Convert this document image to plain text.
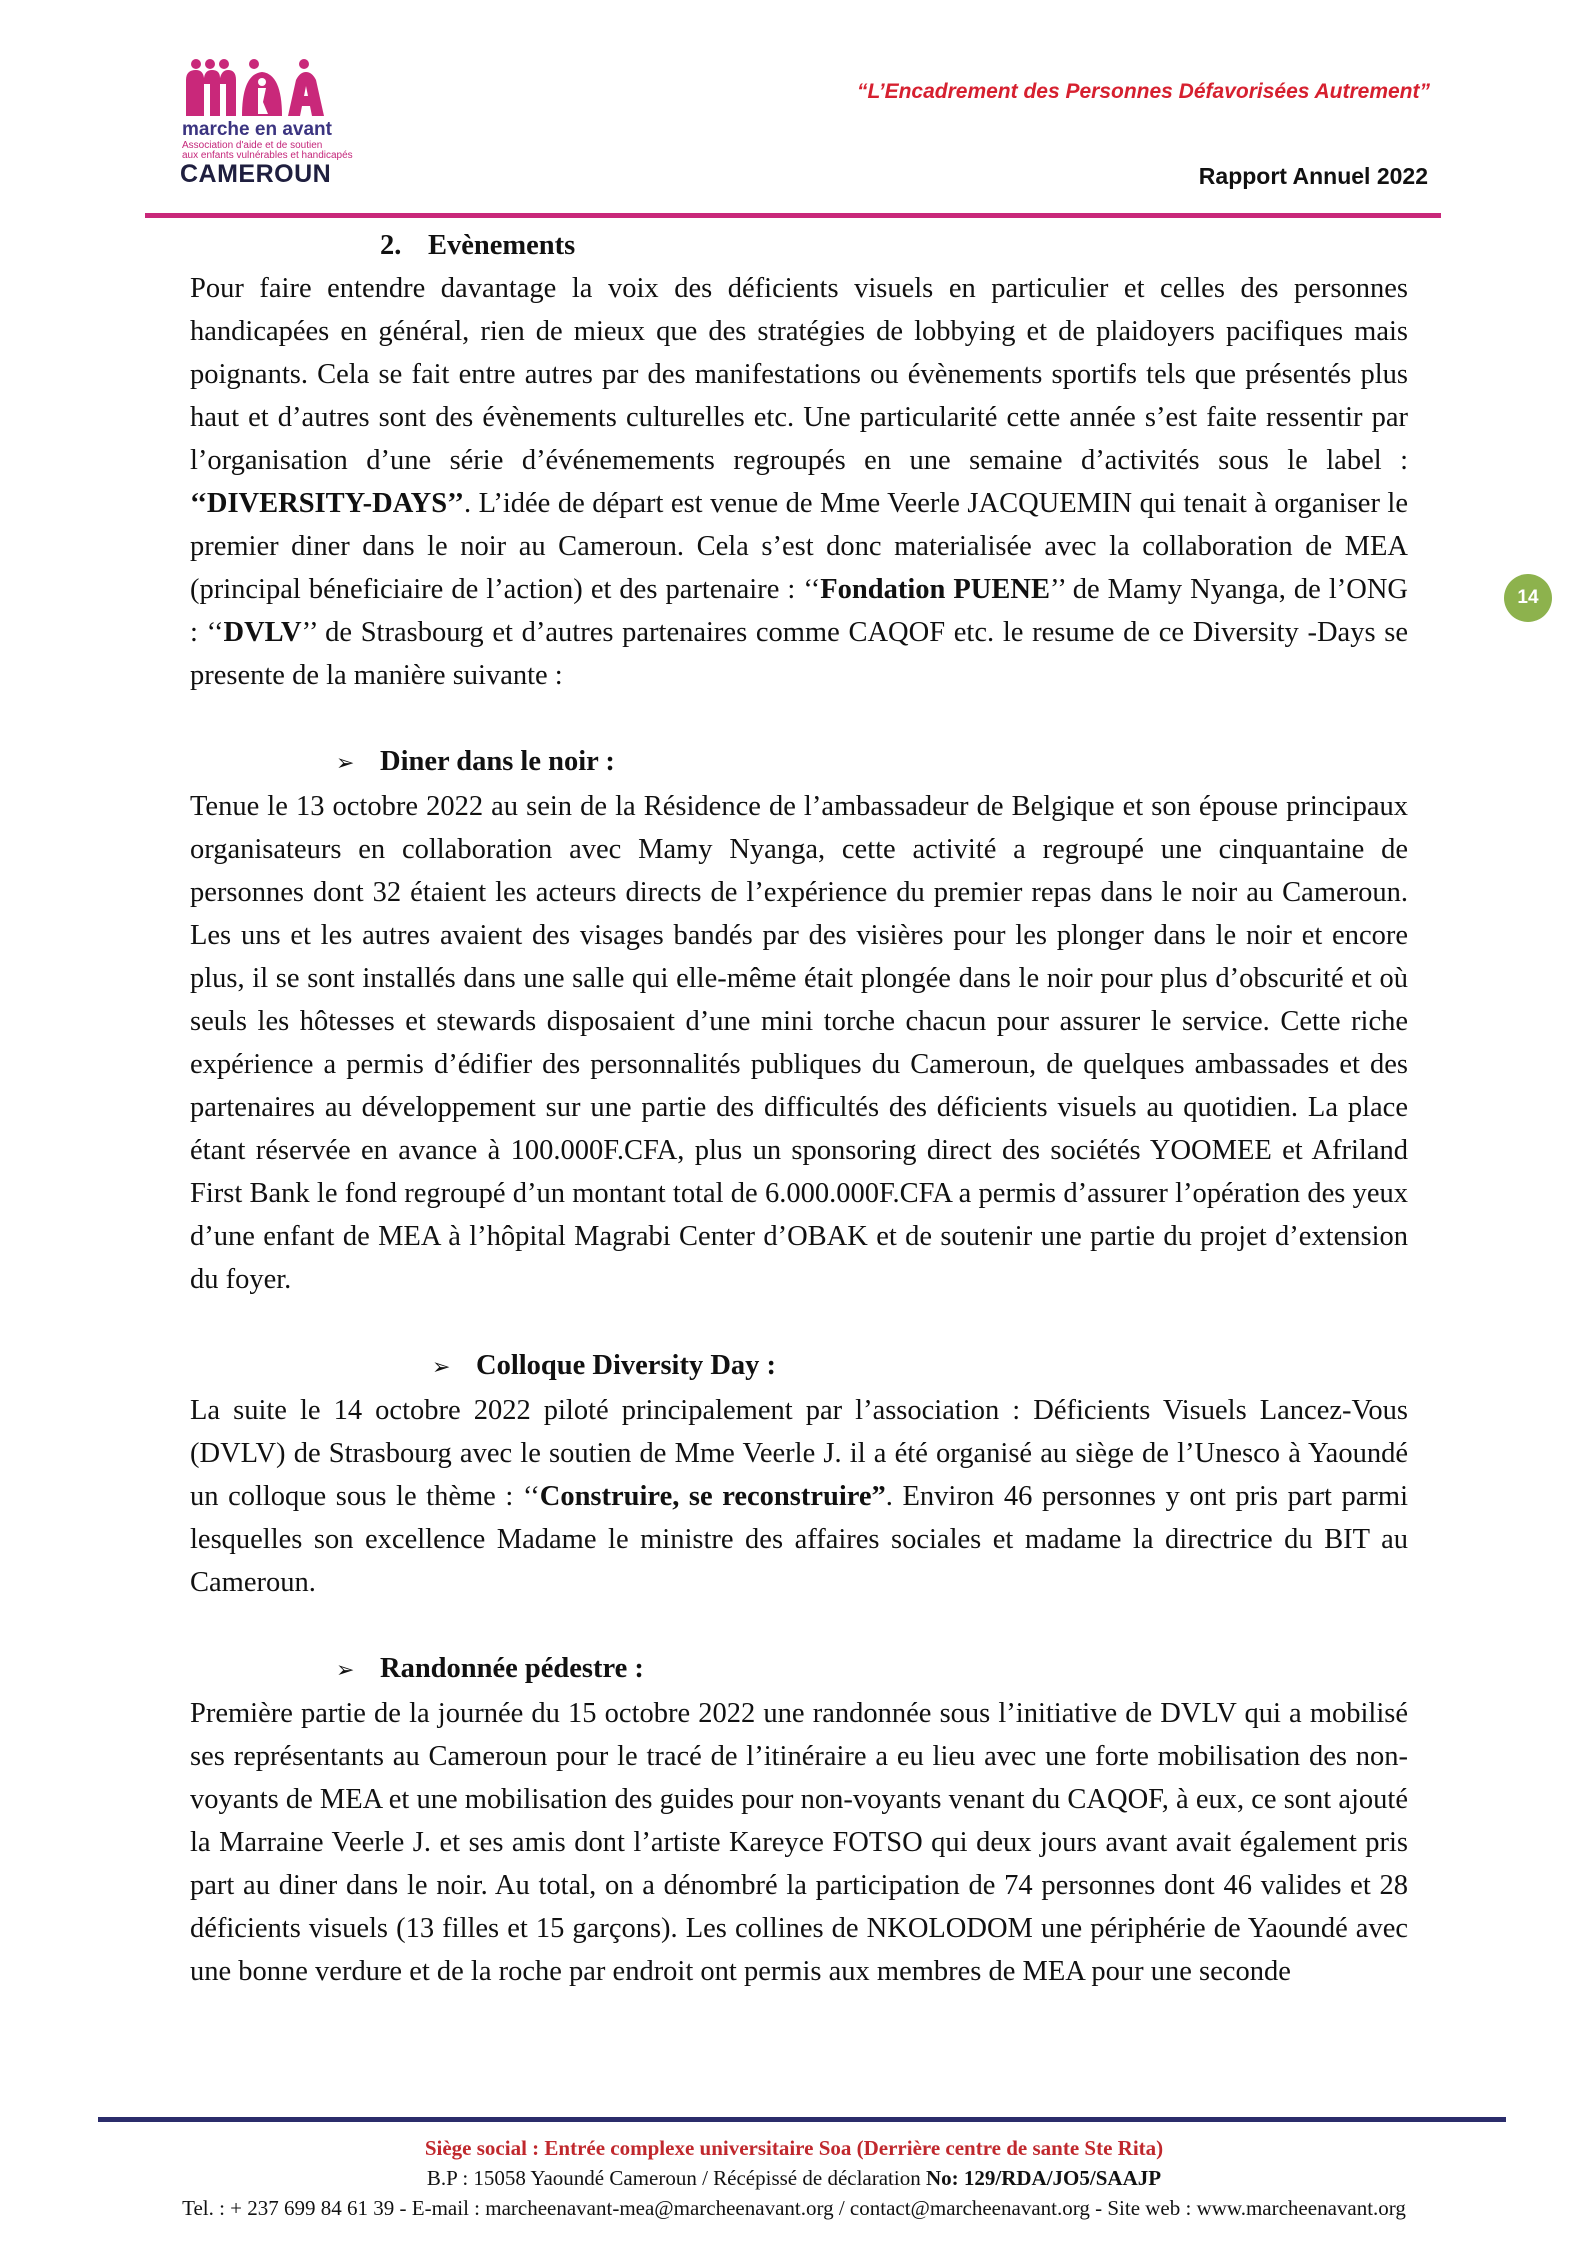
marche en avant
Association d'aide et de soutien
aux enfants vulnérables et handicapés
CAMEROUN
“L’Encadrement des Personnes Défavorisées Autrement”
Rapport Annuel 2022
14
2. Evènements

Pour faire entendre davantage la voix des déficients visuels en particulier et celles des personnes handicapées en général, rien de mieux que des stratégies de lobbying et de plaidoyers pacifiques mais poignants. Cela se fait entre autres par des manifestations ou évènements sportifs tels que présentés plus haut et d’autres sont des évènements culturelles etc. Une particularité cette année s’est faite ressentir par l’organisation d’une série d’événemements regroupés en une semaine d’activités sous le label : ‘‘DIVERSITY-DAYS’’. L’idée de départ est venue de Mme Veerle JACQUEMIN qui tenait à organiser le premier diner dans le noir au Cameroun. Cela s’est donc materialisée avec la collaboration de MEA (principal béneficiaire de l’action) et des partenaire : ‘‘Fondation PUENE’’ de Mamy Nyanga, de l’ONG : ‘‘DVLV’’ de Strasbourg et d’autres partenaires comme CAQOF etc. le resume de ce Diversity -Days se presente de la manière suivante :

➢ Diner dans le noir :

Tenue le 13 octobre 2022 au sein de la Résidence de l’ambassadeur de Belgique et son épouse principaux organisateurs en collaboration avec Mamy Nyanga, cette activité a regroupé une cinquantaine de personnes dont 32 étaient les acteurs directs de l’expérience du premier repas dans le noir au Cameroun. Les uns et les autres avaient des visages bandés par des visières pour les plonger dans le noir et encore plus, il se sont installés dans une salle qui elle-même était plongée dans le noir pour plus d’obscurité et où seuls les hôtesses et stewards disposaient d’une mini torche chacun pour assurer le service. Cette riche expérience a permis d’édifier des personnalités publiques du Cameroun, de quelques ambassades et des partenaires au développement sur une partie des difficultés des déficients visuels au quotidien. La place étant réservée en avance à 100.000F.CFA, plus un sponsoring direct des sociétés YOOMEE et Afriland First Bank le fond regroupé d’un montant total de 6.000.000F.CFA a permis d’assurer l’opération des yeux d’une enfant de MEA à l’hôpital Magrabi Center d’OBAK et de soutenir une partie du projet d’extension du foyer.

➢ Colloque Diversity Day :

La suite le 14 octobre 2022 piloté principalement par l’association : Déficients Visuels Lancez-Vous (DVLV) de Strasbourg avec le soutien de Mme Veerle J. il a été organisé au siège de l’Unesco à Yaoundé un colloque sous le thème : ‘‘Construire, se reconstruire”. Environ 46 personnes y ont pris part parmi lesquelles son excellence Madame le ministre des affaires sociales et madame la directrice du BIT au Cameroun.

➢ Randonnée pédestre :

Première partie de la journée du 15 octobre 2022 une randonnée sous l’initiative de DVLV qui a mobilisé ses représentants au Cameroun pour le tracé de l’itinéraire a eu lieu avec une forte mobilisation des non-voyants de MEA et une mobilisation des guides pour non-voyants venant du CAQOF, à eux, ce sont ajouté la Marraine Veerle J. et ses amis dont l’artiste Kareyce FOTSO qui deux jours avant avait également pris part au diner dans le noir. Au total, on a dénombré la participation de 74 personnes dont 46 valides et 28 déficients visuels (13 filles et 15 garçons). Les collines de NKOLODOM une périphérie de Yaoundé avec une bonne verdure et de la roche par endroit ont permis aux membres de MEA pour une seconde

Siège social : Entrée complexe universitaire Soa (Derrière centre de sante Ste Rita)
B.P : 15058 Yaoundé Cameroun / Récépissé de déclaration No: 129/RDA/JO5/SAAJP
Tel. : + 237 699 84 61 39 - E-mail : marcheenavant-mea@marcheenavant.org / contact@marcheenavant.org - Site web : www.marcheenavant.org
